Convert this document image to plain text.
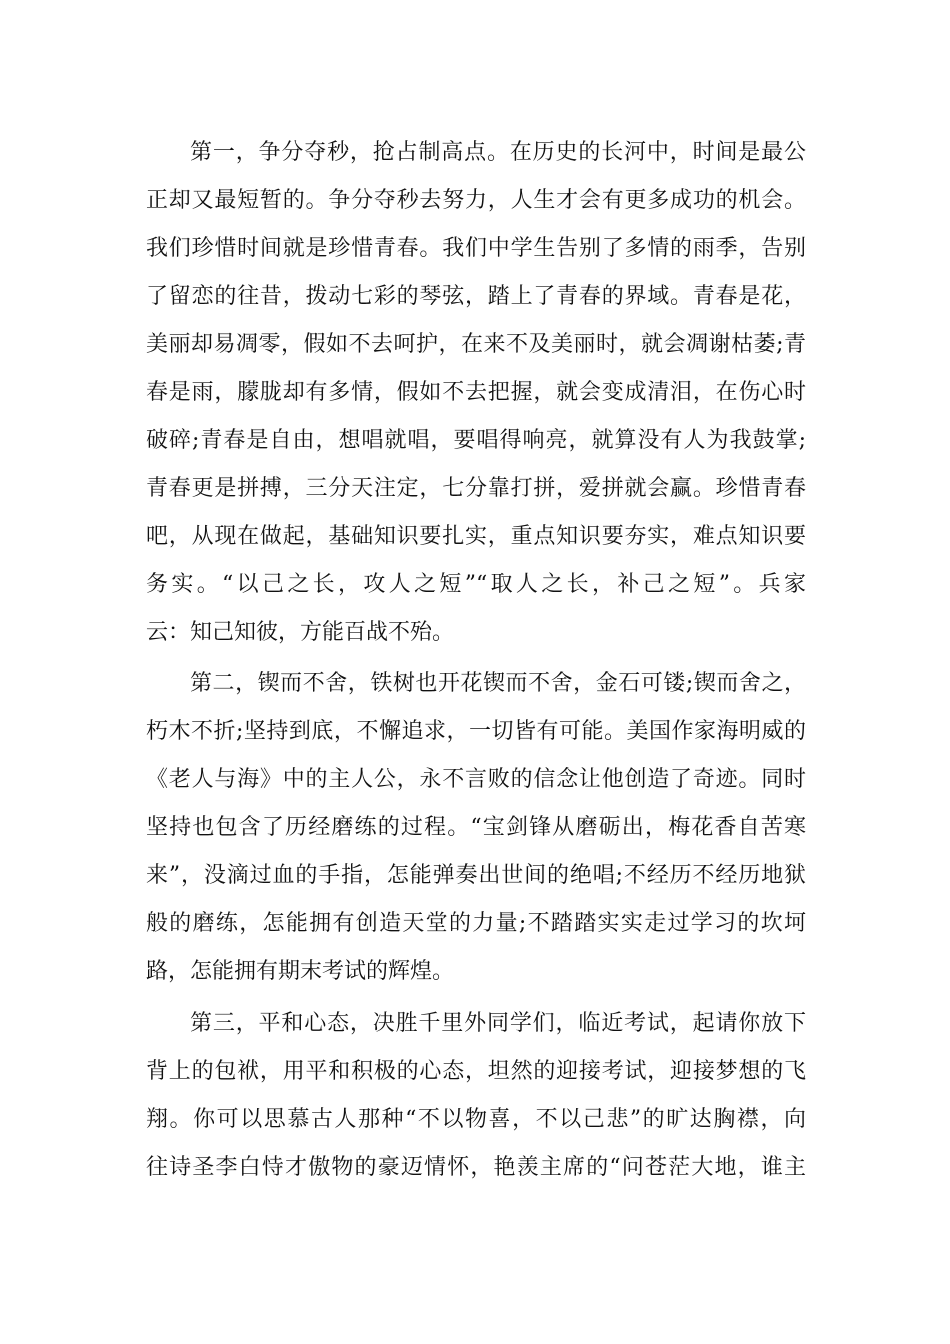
第一，争分夺秒，抢占制高点。在历史的长河中，时间是最公
正却又最短暂的。争分夺秒去努力，人生才会有更多成功的机会。
我们珍惜时间就是珍惜青春。我们中学生告别了多情的雨季，告别
了留恋的往昔，拨动七彩的琴弦，踏上了青春的界域。青春是花，
美丽却易凋零，假如不去呵护，在来不及美丽时，就会凋谢枯萎;青
春是雨，朦胧却有多情，假如不去把握，就会变成清泪，在伤心时
破碎;青春是自由，想唱就唱，要唱得响亮，就算没有人为我鼓掌;
青春更是拼搏，三分天注定，七分靠打拼，爱拼就会赢。珍惜青春
吧，从现在做起，基础知识要扎实，重点知识要夯实，难点知识要
务实。“以己之长，攻人之短”“取人之长，补己之短”。兵家
云：知己知彼，方能百战不殆。
第二，锲而不舍，铁树也开花锲而不舍，金石可镂;锲而舍之，
朽木不折;坚持到底，不懈追求，一切皆有可能。美国作家海明威的
《老人与海》中的主人公，永不言败的信念让他创造了奇迹。同时
坚持也包含了历经磨练的过程。“宝剑锋从磨砺出，梅花香自苦寒
来”，没滴过血的手指，怎能弹奏出世间的绝唱;不经历不经历地狱
般的磨练，怎能拥有创造天堂的力量;不踏踏实实走过学习的坎坷
路，怎能拥有期末考试的辉煌。
第三，平和心态，决胜千里外同学们，临近考试，起请你放下
背上的包袱，用平和积极的心态，坦然的迎接考试，迎接梦想的飞
翔。你可以思慕古人那种“不以物喜，不以己悲”的旷达胸襟，向
往诗圣李白恃才傲物的豪迈情怀，艳羡主席的“问苍茫大地，谁主
